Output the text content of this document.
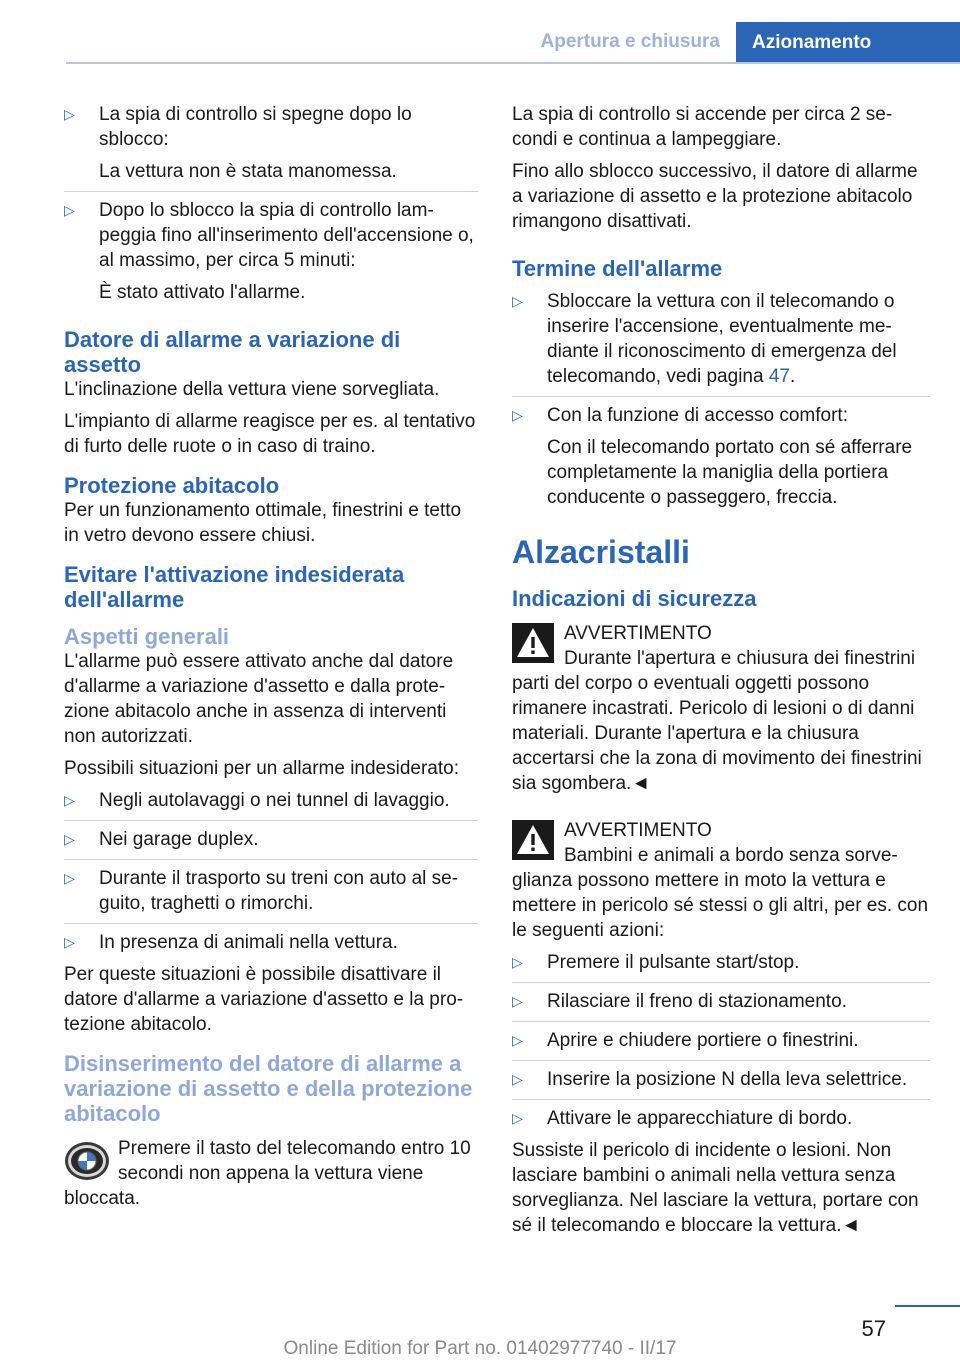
Apertura e chiusura	Azionamento
▷ La spia di controllo si spegne dopo lo sblocco:

La vettura non è stata manomessa.

▷ Dopo lo sblocco la spia di controllo lampeggia fino all'inserimento dell'accensione o, al massimo, per circa 5 minuti:

È stato attivato l'allarme.

Datore di allarme a variazione di assetto

L'inclinazione della vettura viene sorvegliata.

L'impianto di allarme reagisce per es. al tentativo di furto delle ruote o in caso di traino.

Protezione abitacolo

Per un funzionamento ottimale, finestrini e tetto in vetro devono essere chiusi.

Evitare l'attivazione indesiderata dell'allarme
Aspetti generali

L'allarme può essere attivato anche dal datore d'allarme a variazione d'assetto e dalla protezione abitacolo anche in assenza di interventi non autorizzati.

Possibili situazioni per un allarme indesiderato:

▷ Negli autolavaggi o nei tunnel di lavaggio.

▷ Nei garage duplex.

▷ Durante il trasporto su treni con auto al seguito, traghetti o rimorchi.

▷ In presenza di animali nella vettura.

Per queste situazioni è possibile disattivare il datore d'allarme a variazione d'assetto e la protezione abitacolo.

Disinserimento del datore di allarme a variazione di assetto e della protezione abitacolo

Premere il tasto del telecomando entro 10 secondi non appena la vettura viene bloccata.

La spia di controllo si accende per circa 2 secondi e continua a lampeggiare.

Fino allo sblocco successivo, il datore di allarme a variazione di assetto e la protezione abitacolo rimangono disattivati.

Termine dell'allarme
▷ Sbloccare la vettura con il telecomando o inserire l'accensione, eventualmente mediante il riconoscimento di emergenza del telecomando, vedi pagina 47.

▷ Con la funzione di accesso comfort:

Con il telecomando portato con sé afferrare completamente la maniglia della portiera conducente o passeggero, freccia.

Alzacristalli
Indicazioni di sicurezza

AVVERTIMENTO

Durante l'apertura e chiusura dei finestrini parti del corpo o eventuali oggetti possono rimanere incastrati. Pericolo di lesioni o di danni materiali. Durante l'apertura e la chiusura accertarsi che la zona di movimento dei finestrini sia sgombera.◄

AVVERTIMENTO

Bambini e animali a bordo senza sorveglianza possono mettere in moto la vettura e mettere in pericolo sé stessi o gli altri, per es. con le seguenti azioni:

▷ Premere il pulsante start/stop.

▷ Rilasciare il freno di stazionamento.

▷ Aprire e chiudere portiere o finestrini.

▷ Inserire la posizione N della leva selettrice.

▷ Attivare le apparecchiature di bordo.

Sussiste il pericolo di incidente o lesioni. Non lasciare bambini o animali nella vettura senza sorveglianza. Nel lasciare la vettura, portare con sé il telecomando e bloccare la vettura.◄

57
Online Edition for Part no. 01402977740 - II/17
